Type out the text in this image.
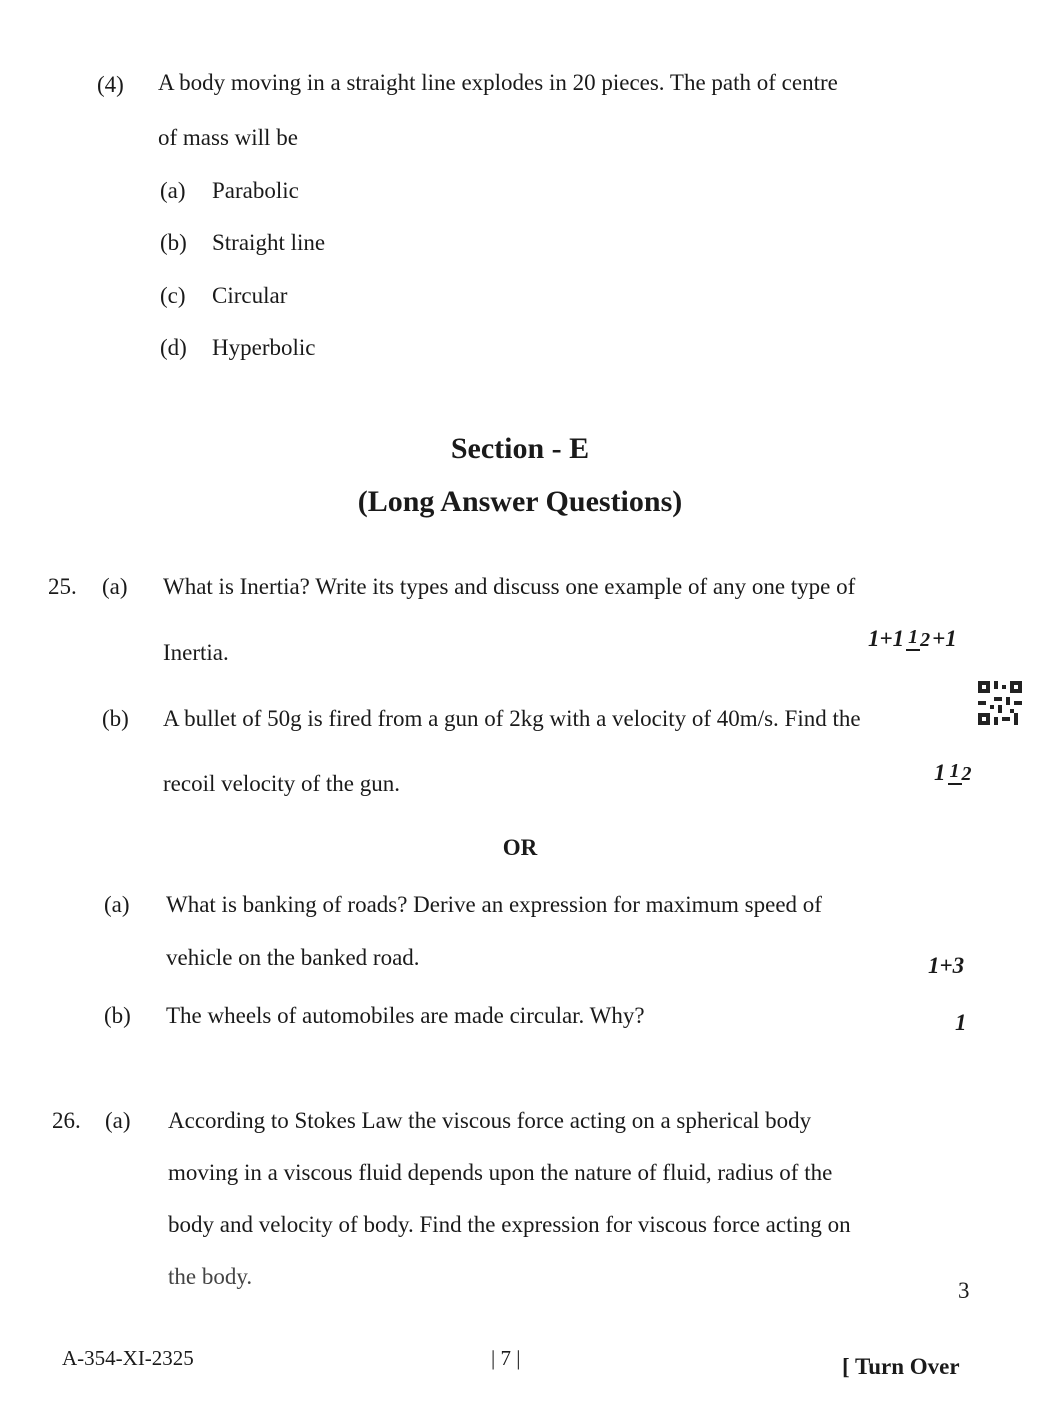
(4) A body moving in a straight line explodes in 20 pieces. The path of centre
of mass will be
(a) Parabolic
(b) Straight line
(c) Circular
(d) Hyperbolic
Section - E
(Long Answer Questions)
25. (a) What is Inertia? Write its types and discuss one example of any one type of
Inertia.
1+1 1 2+1
(b) A bullet of 50g is fired from a gun of 2kg with a velocity of 40m/s. Find the
recoil velocity of the gun.	1 1 2
OR
(a) What is banking of roads? Derive an expression for maximum speed of
vehicle on the banked road.	1+3
(b) The wheels of automobiles are made circular. Why?	1
26. (a) According to Stokes Law the viscous force acting on a spherical body
moving in a viscous fluid depends upon the nature of fluid, radius of the
body and velocity of body. Find the expression for viscous force acting on
the body.
3
A-354-XI-2325	| 7 |	[ Turn Over
